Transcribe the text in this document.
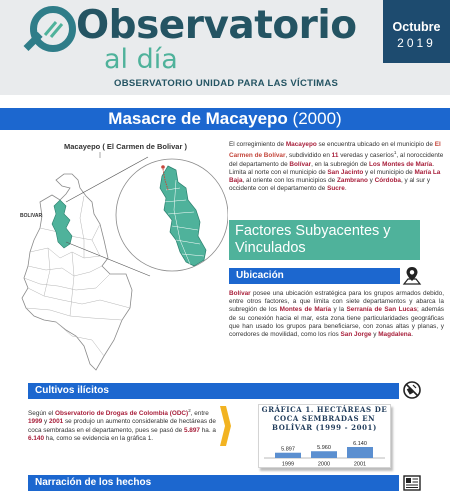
Observatorio
al día
OBSERVATORIO UNIDAD PARA LAS VÍCTIMAS
Octubre
2019
Masacre de Macayepo (2000)
Macayepo ( El Carmen de Bolivar )
BOLIVAR
El corregimiento de Macayepo se encuentra ubicado en el municipio de El Carmen de Bolívar, subdividido en 11 veredas y caseríos$^1$, al noroccidente del departamento de Bolívar, en la subregión de Los Montes de María. Limita al norte con el municipio de San Jacinto y el municipio de María La Baja, al oriente con los municipios de Zambrano y Córdoba, y al sur y occidente con el departamento de Sucre.
Factores Subyacentes y Vinculados
Ubicación
Bolívar posee una ubicación estratégica para los grupos armados debido, entre otros factores, a que limita con siete departamentos y abarca la subregión de los Montes de María y la Serranía de San Lucas; además de su conexión hacia el mar, esta zona tiene particularidades geográficas que han usado los grupos para beneficiarse, con zonas altas y planas, y corredores de movilidad, como los ríos San Jorge y Magdalena.
Cultivos ilícitos
Según el Observatorio de Drogas de Colombia (ODC)$^2$, entre 1999 y 2001 se produjo un aumento considerable de hectáreas de coca sembradas en el departamento, pues se pasó de 5.897 ha. a 6.140 ha, como se evidencia en la gráfica 1.
GRÁFICA 1. HECTÁREAS DE COCA SEMBRADAS EN BOLÍVAR (1999 - 2001)
5.897
1999
5.960
2000
6.140
2001
Narración de los hechos
